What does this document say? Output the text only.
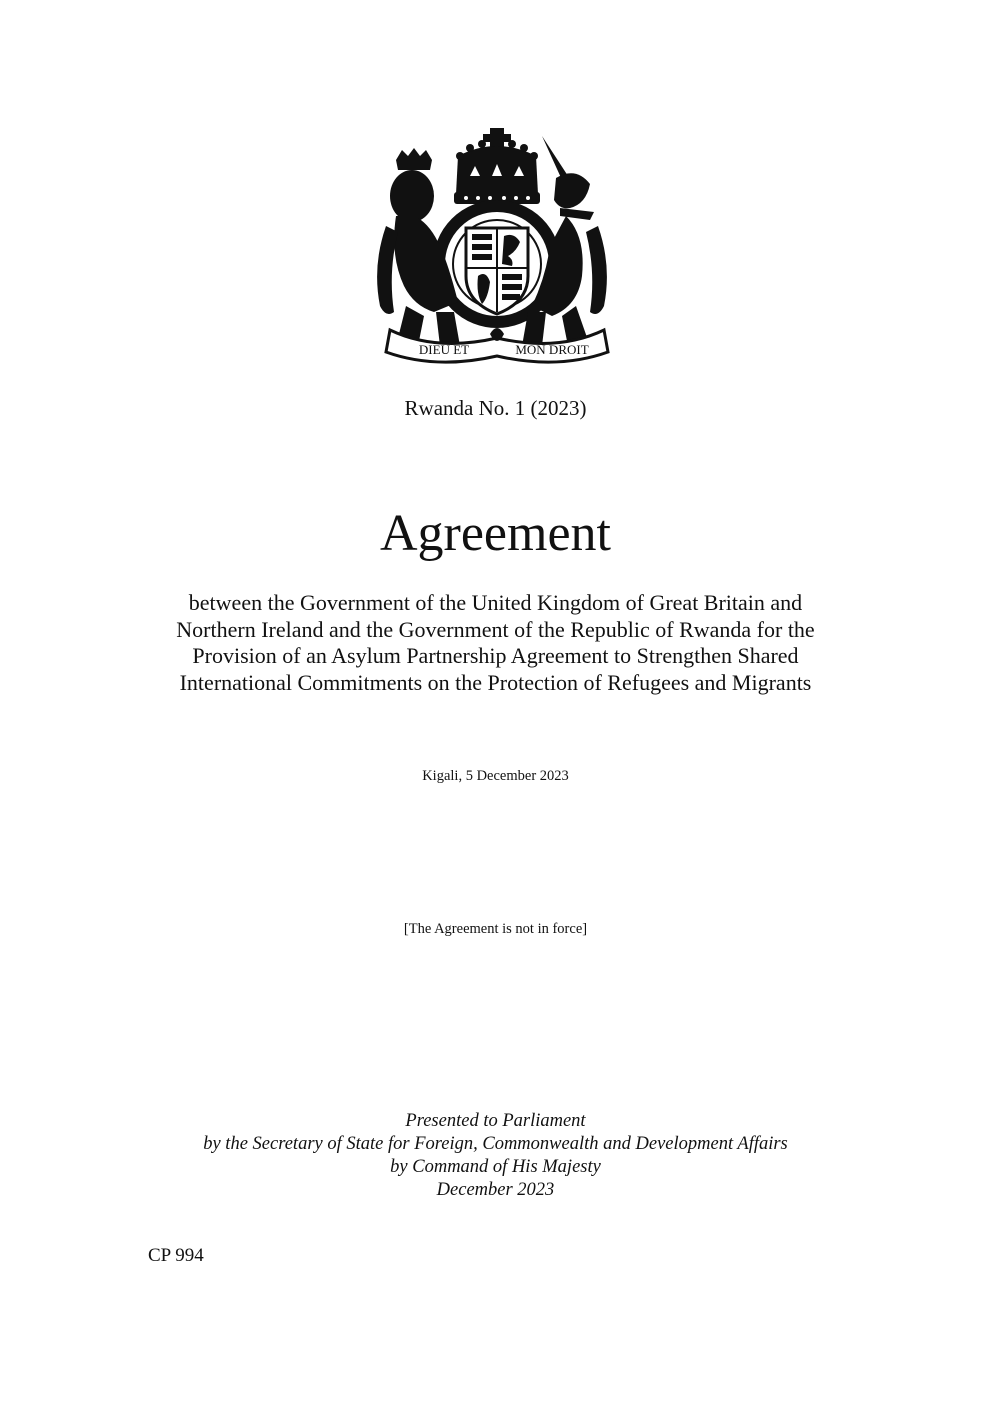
DIEU ET	MON DROIT
Rwanda No. 1 (2023)
Agreement
between the Government of the United Kingdom of Great Britain and
Northern Ireland and the Government of the Republic of Rwanda for the
Provision of an Asylum Partnership Agreement to Strengthen Shared
International Commitments on the Protection of Refugees and Migrants
Kigali, 5 December 2023
[The Agreement is not in force]
Presented to Parliament
by the Secretary of State for Foreign, Commonwealth and Development Affairs
by Command of His Majesty
December 2023
CP 994
